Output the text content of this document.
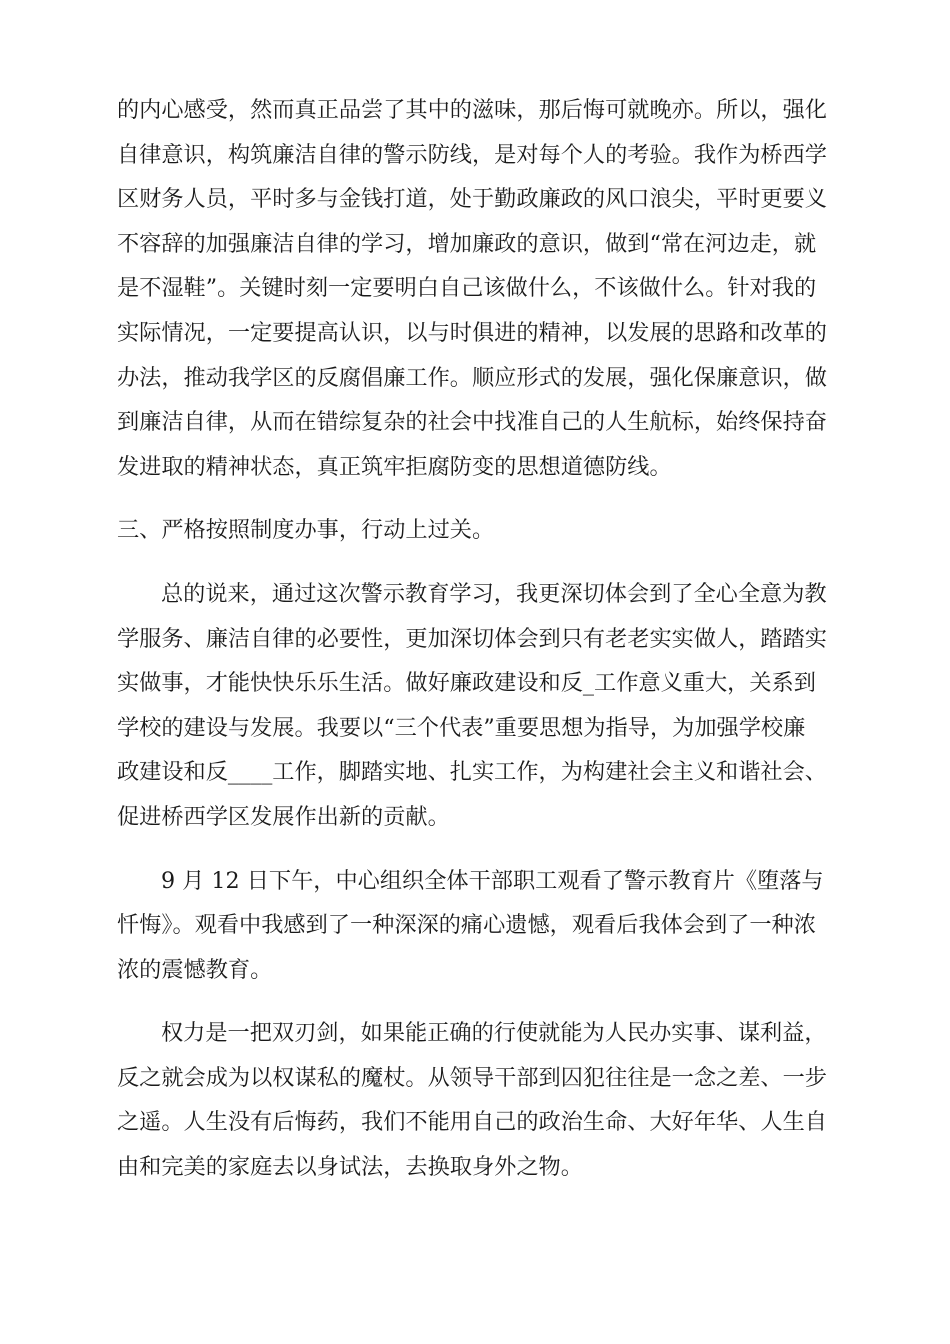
的内心感受，然而真正品尝了其中的滋味，那后悔可就晚亦。所以，强化
自律意识，构筑廉洁自律的警示防线，是对每个人的考验。我作为桥西学
区财务人员，平时多与金钱打道，处于勤政廉政的风口浪尖，平时更要义
不容辞的加强廉洁自律的学习，增加廉政的意识，做到“常在河边走，就
是不湿鞋”。关键时刻一定要明白自己该做什么，不该做什么。针对我的
实际情况，一定要提高认识，以与时俱进的精神，以发展的思路和改革的
办法，推动我学区的反腐倡廉工作。顺应形式的发展，强化保廉意识，做
到廉洁自律，从而在错综复杂的社会中找准自己的人生航标，始终保持奋
发进取的精神状态，真正筑牢拒腐防变的思想道德防线。
三、严格按照制度办事，行动上过关。
总的说来，通过这次警示教育学习，我更深切体会到了全心全意为教
学服务、廉洁自律的必要性，更加深切体会到只有老老实实做人，踏踏实
实做事，才能快快乐乐生活。做好廉政建设和反_工作意义重大，关系到
学校的建设与发展。我要以“三个代表”重要思想为指导，为加强学校廉
政建设和反____工作，脚踏实地、扎实工作，为构建社会主义和谐社会、
促进桥西学区发展作出新的贡献。
9 月 12 日下午，中心组织全体干部职工观看了警示教育片《堕落与
忏悔》。观看中我感到了一种深深的痛心遗憾，观看后我体会到了一种浓
浓的震憾教育。
权力是一把双刃剑，如果能正确的行使就能为人民办实事、谋利益，
反之就会成为以权谋私的魔杖。从领导干部到囚犯往往是一念之差、一步
之遥。人生没有后悔药，我们不能用自己的政治生命、大好年华、人生自
由和完美的家庭去以身试法，去换取身外之物。
